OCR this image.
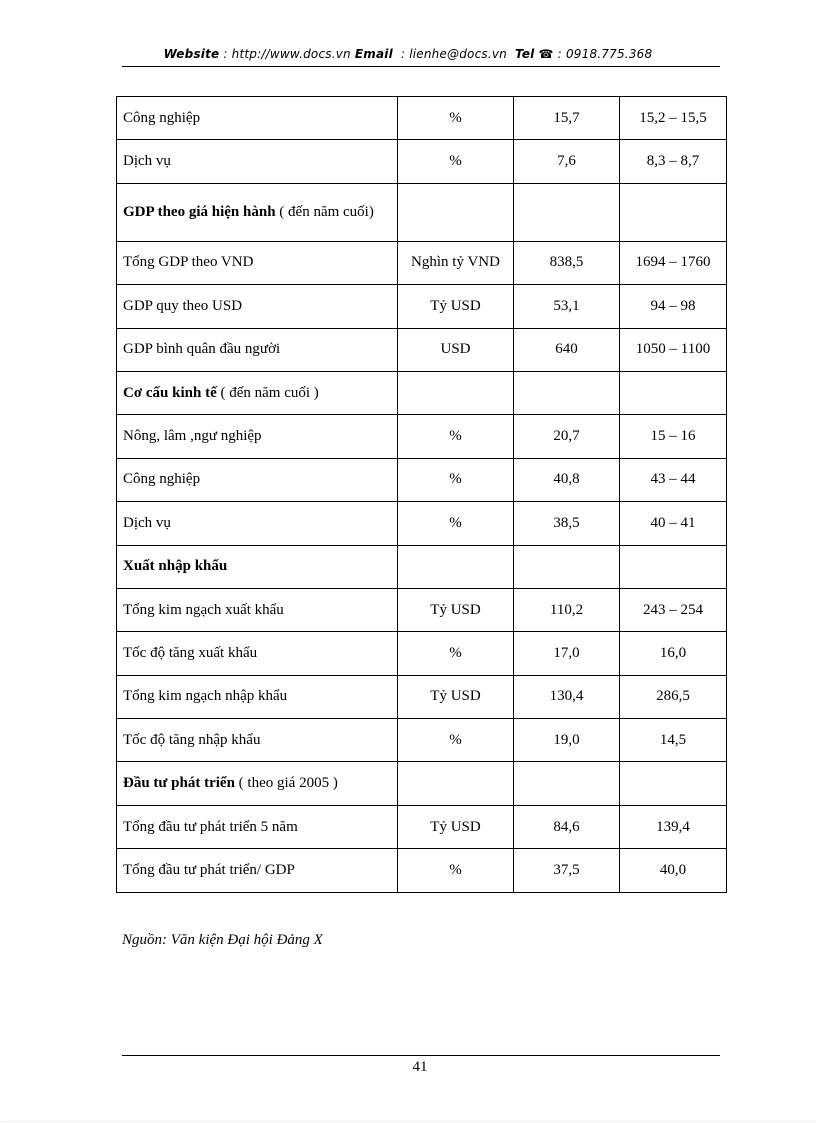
Website : http://www.docs.vn Email  : lienhe@docs.vn Tel ☎ : 0918.775.368
Công nghiệp	%	15,7	15,2 – 15,5
Dịch vụ	%	7,6	8,3 – 8,7
GDP theo giá hiện hành ( đến năm cuối)			
Tổng GDP theo VND	Nghìn tỷ VND	838,5	1694 – 1760
GDP quy theo USD	Tỷ USD	53,1	94 – 98
GDP bình quân đầu người	USD	640	1050 – 1100
Cơ cấu kinh tế ( đến năm cuối )			
Nông, lâm ,ngư nghiệp	%	20,7	15 – 16
Công nghiệp	%	40,8	43 – 44
Dịch vụ	%	38,5	40 – 41
Xuất nhập khẩu			
Tổng kim ngạch xuất khẩu	Tỷ USD	110,2	243 – 254
Tốc độ tăng xuất khẩu	%	17,0	16,0
Tổng kim ngạch nhập khẩu	Tỷ USD	130,4	286,5
Tốc độ tăng nhập khẩu	%	19,0	14,5
Đầu tư phát triển ( theo giá 2005 )			
Tổng đầu tư phát triển 5 năm	Tỷ USD	84,6	139,4
Tổng đầu tư phát triển/ GDP	%	37,5	40,0
Nguồn: Văn kiện Đại hội Đảng X
41
